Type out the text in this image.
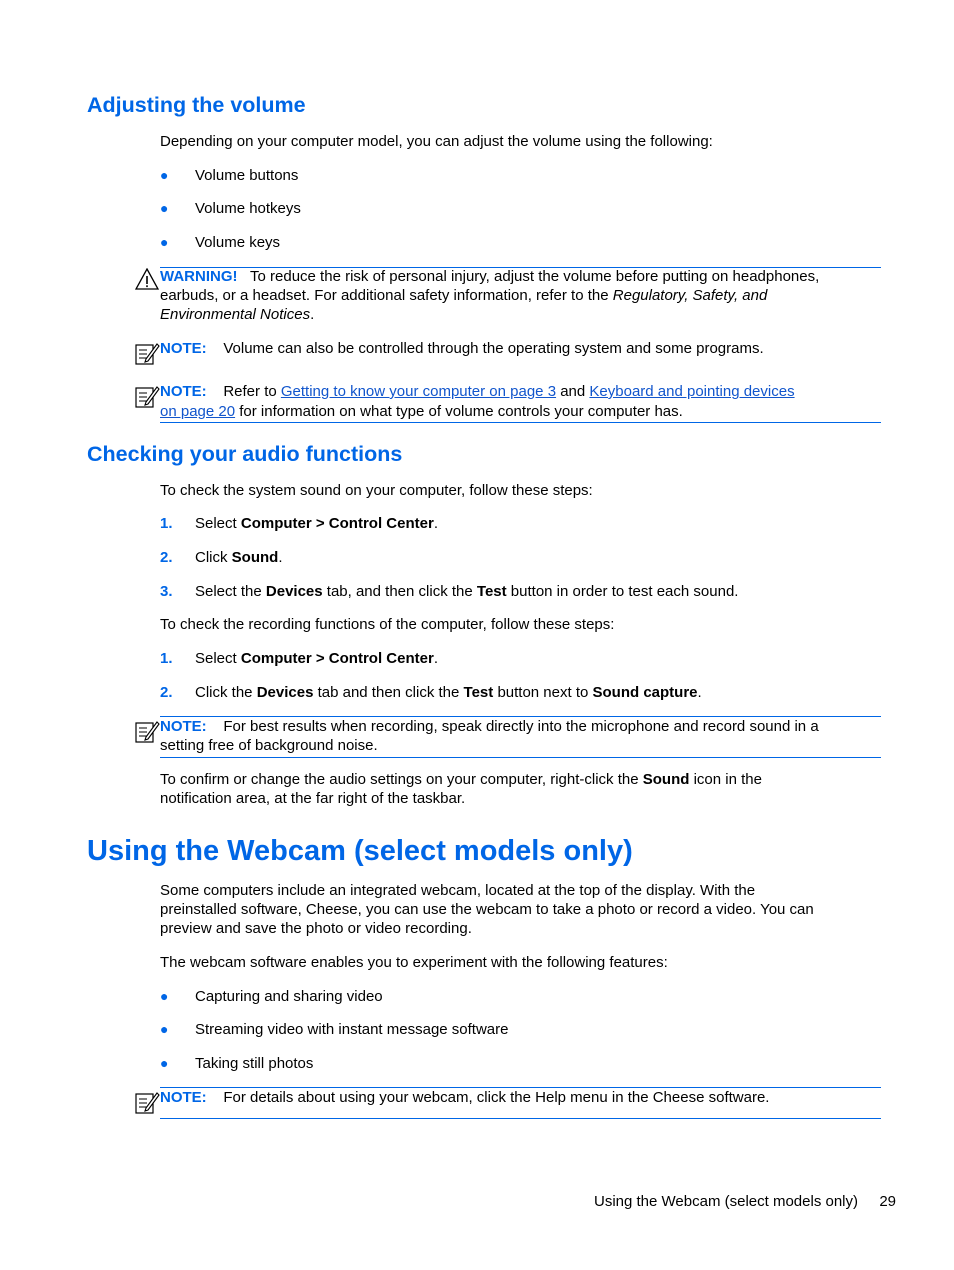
Adjusting the volume
Depending on your computer model, you can adjust the volume using the following:
● Volume buttons
● Volume hotkeys
● Volume keys
WARNING! To reduce the risk of personal injury, adjust the volume before putting on headphones,
earbuds, or a headset. For additional safety information, refer to the Regulatory, Safety, and
Environmental Notices.
NOTE: Volume can also be controlled through the operating system and some programs.
NOTE: Refer to Getting to know your computer on page 3 and Keyboard and pointing devices
on page 20 for information on what type of volume controls your computer has.
Checking your audio functions
To check the system sound on your computer, follow these steps:
1. Select Computer > Control Center.
2. Click Sound.
3. Select the Devices tab, and then click the Test button in order to test each sound.
To check the recording functions of the computer, follow these steps:
1. Select Computer > Control Center.
2. Click the Devices tab and then click the Test button next to Sound capture.
NOTE: For best results when recording, speak directly into the microphone and record sound in a
setting free of background noise.
To confirm or change the audio settings on your computer, right-click the Sound icon in the
notification area, at the far right of the taskbar.
Using the Webcam (select models only)
Some computers include an integrated webcam, located at the top of the display. With the
preinstalled software, Cheese, you can use the webcam to take a photo or record a video. You can
preview and save the photo or video recording.
The webcam software enables you to experiment with the following features:
● Capturing and sharing video
● Streaming video with instant message software
● Taking still photos
NOTE: For details about using your webcam, click the Help menu in the Cheese software.
Using the Webcam (select models only) 29
